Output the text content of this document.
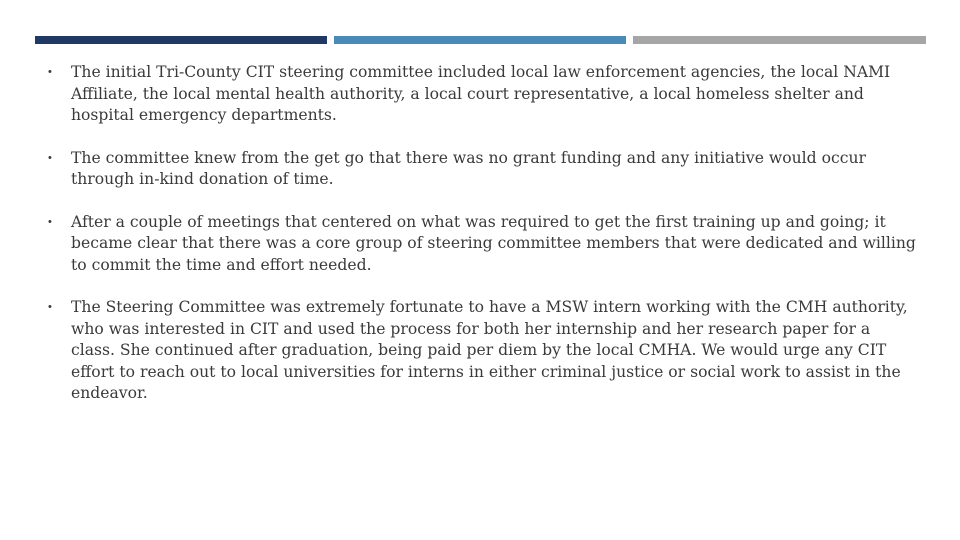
• The initial Tri-County CIT steering committee included local law enforcement agencies, the local NAMI Affiliate, the local mental health authority, a local court representative, a local homeless shelter and hospital emergency departments.
• The committee knew from the get go that there was no grant funding and any initiative would occur through in-kind donation of time.
• After a couple of meetings that centered on what was required to get the first training up and going; it became clear that there was a core group of steering committee members that were dedicated and willing to commit the time and effort needed.
• The Steering Committee was extremely fortunate to have a MSW intern working with the CMH authority, who was interested in CIT and used the process for both her internship and her research paper for a class. She continued after graduation, being paid per diem by the local CMHA. We would urge any CIT effort to reach out to local universities for interns in either criminal justice or social work to assist in the endeavor.
